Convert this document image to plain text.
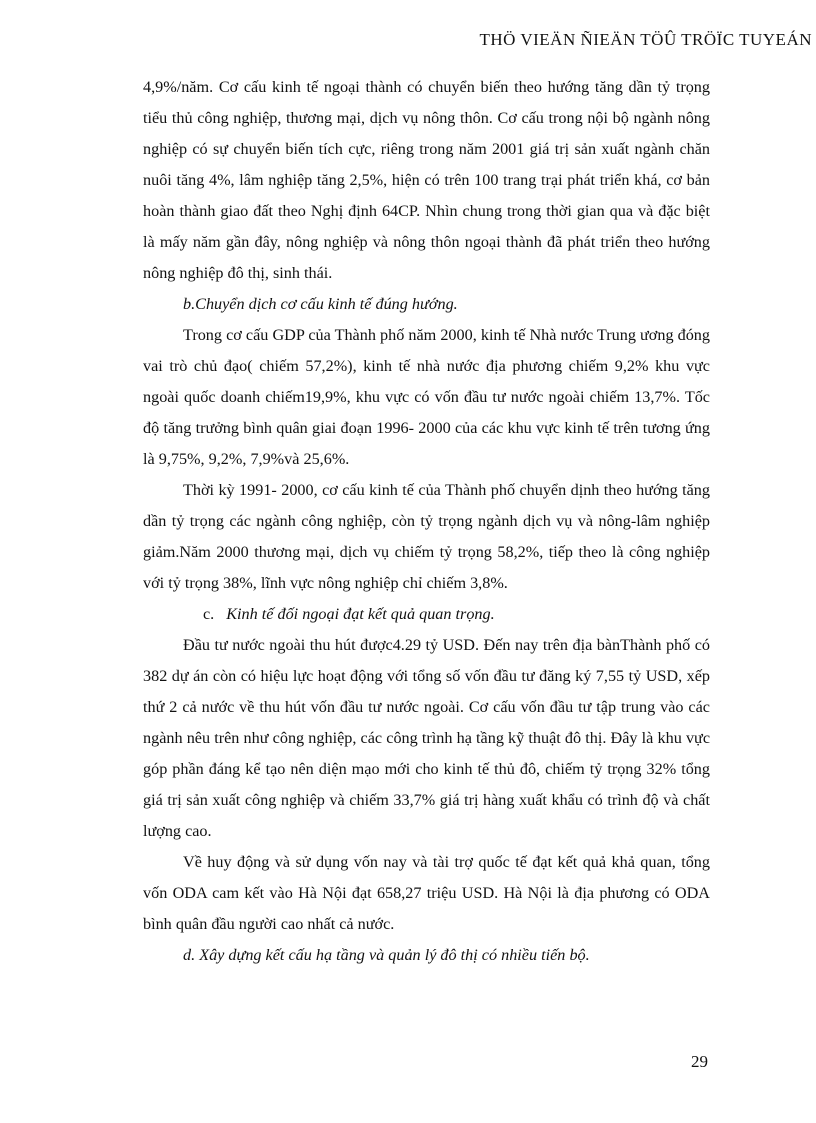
THÖ VIEÄN ÑIEÄN TÖÛ TRÖÏC TUYEÁN

4,9%/năm. Cơ cấu kinh tế ngoại thành có chuyển biến theo hướng tăng dần tỷ trọng tiểu thủ công nghiệp, thương mại, dịch vụ nông thôn. Cơ cấu trong nội bộ ngành nông nghiệp có sự chuyển biến tích cực, riêng trong năm 2001 giá trị sản xuất ngành chăn nuôi tăng 4%, lâm nghiệp tăng 2,5%, hiện có trên 100 trang trại phát triển khá, cơ bản hoàn thành giao đất theo Nghị định 64CP. Nhìn chung trong thời gian qua và đặc biệt là mấy năm gần đây, nông nghiệp và nông thôn ngoại thành đã phát triển theo hướng nông nghiệp đô thị, sinh thái.

b.Chuyển dịch cơ cấu kinh tế đúng hướng.

Trong cơ cấu GDP của Thành phố năm 2000, kinh tế Nhà nước Trung ương đóng vai trò chủ đạo( chiếm 57,2%), kinh tế nhà nước địa phương chiếm 9,2% khu vực ngoài quốc doanh chiếm19,9%, khu vực có vốn đầu tư nước ngoài chiếm 13,7%. Tốc độ tăng trưởng bình quân giai đoạn 1996- 2000 của các khu vực kinh tế trên tương ứng là 9,75%, 9,2%, 7,9%và 25,6%.

Thời kỳ 1991- 2000, cơ cấu kinh tế của Thành phố chuyển dịnh theo hướng tăng dần tỷ trọng các ngành công nghiệp, còn tỷ trọng ngành dịch vụ và nông-lâm nghiệp giảm.Năm 2000 thương mại, dịch vụ chiếm tỷ trọng 58,2%, tiếp theo là công nghiệp với tỷ trọng 38%, lĩnh vực nông nghiệp chỉ chiếm 3,8%.

c. Kinh tế đối ngoại đạt kết quả quan trọng.

Đầu tư nước ngoài thu hút được4.29 tỷ USD. Đến nay trên địa bànThành phố có 382 dự án còn có hiệu lực hoạt động với tổng số vốn đầu tư đăng ký 7,55 tỷ USD, xếp thứ 2 cả nước về thu hút vốn đầu tư nước ngoài. Cơ cấu vốn đầu tư tập trung vào các ngành nêu trên như công nghiệp, các công trình hạ tầng kỹ thuật đô thị. Đây là khu vực góp phần đáng kể tạo nên diện mạo mới cho kinh tế thủ đô, chiếm tỷ trọng 32% tổng giá trị sản xuất công nghiệp và chiếm 33,7% giá trị hàng xuất khẩu có trình độ và chất lượng cao.

Về huy động và sử dụng vốn nay và tài trợ quốc tế đạt kết quả khả quan, tổng vốn ODA cam kết vào Hà Nội đạt 658,27 triệu USD. Hà Nội là địa phương có ODA bình quân đầu người cao nhất cả nước.

d. Xây dựng kết cấu hạ tầng và quản lý đô thị có nhiều tiến bộ.

29
